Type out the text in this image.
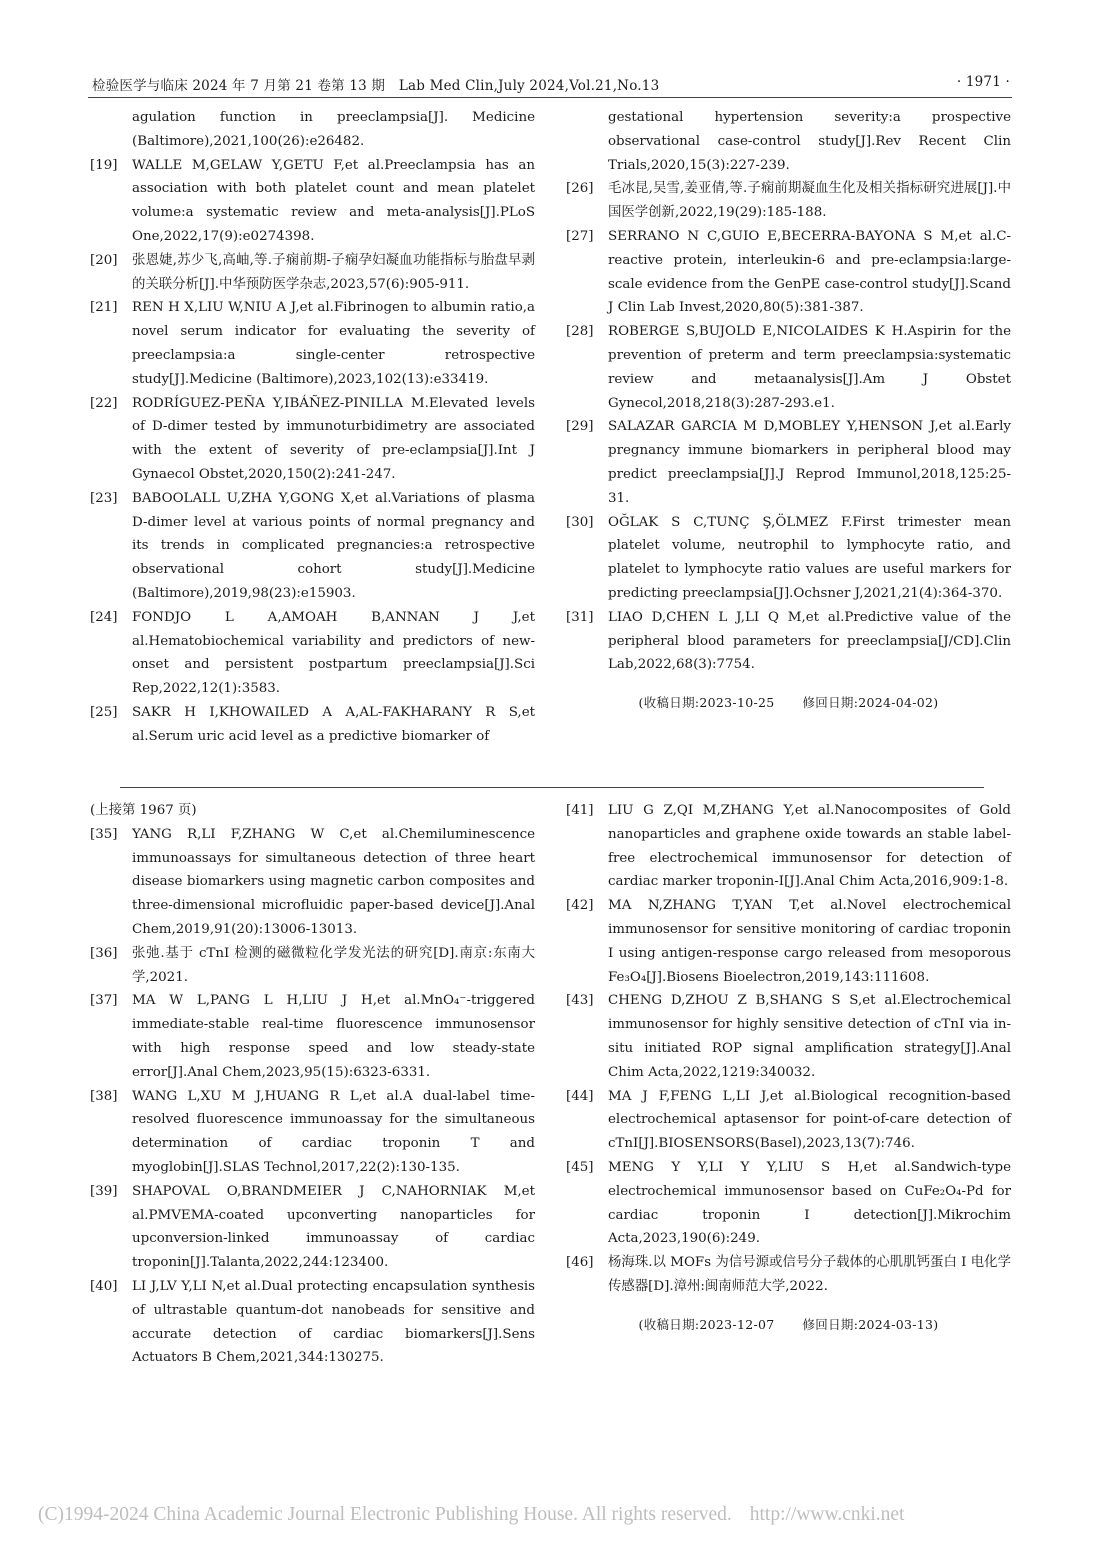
检验医学与临床 2024 年 7 月第 21 卷第 13 期　Lab Med Clin,July 2024,Vol.21,No.13	· 1971 ·
agulation function in preeclampsia[J]. Medicine (Baltimore),2021,100(26):e26482.
[19] WALLE M,GELAW Y,GETU F,et al.Preeclampsia has an association with both platelet count and mean platelet volume:a systematic review and meta-analysis[J].PLoS One,2022,17(9):e0274398.
[20] 张恩婕,苏少飞,高岫,等.子痫前期-子痫孕妇凝血功能指标与胎盘早剥的关联分析[J].中华预防医学杂志,2023,57(6):905-911.
[21] REN H X,LIU W,NIU A J,et al.Fibrinogen to albumin ratio,a novel serum indicator for evaluating the severity of preeclampsia:a single-center retrospective study[J].Medicine (Baltimore),2023,102(13):e33419.
[22] RODRÍGUEZ-PEÑA Y,IBÁÑEZ-PINILLA M.Elevated levels of D-dimer tested by immunoturbidimetry are associated with the extent of severity of pre-eclampsia[J].Int J Gynaecol Obstet,2020,150(2):241-247.
[23] BABOOLALL U,ZHA Y,GONG X,et al.Variations of plasma D-dimer level at various points of normal pregnancy and its trends in complicated pregnancies:a retrospective observational cohort study[J].Medicine (Baltimore),2019,98(23):e15903.
[24] FONDJO L A,AMOAH B,ANNAN J J,et al.Hematobiochemical variability and predictors of new-onset and persistent postpartum preeclampsia[J].Sci Rep,2022,12(1):3583.
[25] SAKR H I,KHOWAILED A A,AL-FAKHARANY R S,et al.Serum uric acid level as a predictive biomarker of
gestational hypertension severity:a prospective observational case-control study[J].Rev Recent Clin Trials,2020,15(3):227-239.
[26] 毛冰昆,吴雪,姜亚倩,等.子痫前期凝血生化及相关指标研究进展[J].中国医学创新,2022,19(29):185-188.
[27] SERRANO N C,GUIO E,BECERRA-BAYONA S M,et al.C-reactive protein, interleukin-6 and pre-eclampsia:large-scale evidence from the GenPE case-control study[J].Scand J Clin Lab Invest,2020,80(5):381-387.
[28] ROBERGE S,BUJOLD E,NICOLAIDES K H.Aspirin for the prevention of preterm and term preeclampsia:systematic review and metaanalysis[J].Am J Obstet Gynecol,2018,218(3):287-293.e1.
[29] SALAZAR GARCIA M D,MOBLEY Y,HENSON J,et al.Early pregnancy immune biomarkers in peripheral blood may predict preeclampsia[J].J Reprod Immunol,2018,125:25-31.
[30] OĞLAK S C,TUNÇ Ş,ÖLMEZ F.First trimester mean platelet volume, neutrophil to lymphocyte ratio, and platelet to lymphocyte ratio values are useful markers for predicting preeclampsia[J].Ochsner J,2021,21(4):364-370.
[31] LIAO D,CHEN L J,LI Q M,et al.Predictive value of the peripheral blood parameters for preeclampsia[J/CD].Clin Lab,2022,68(3):7754.
(收稿日期:2023-10-25 修回日期:2024-04-02)
(上接第 1967 页)
[35] YANG R,LI F,ZHANG W C,et al.Chemiluminescence immunoassays for simultaneous detection of three heart disease biomarkers using magnetic carbon composites and three-dimensional microfluidic paper-based device[J].Anal Chem,2019,91(20):13006-13013.
[36] 张弛.基于 cTnI 检测的磁微粒化学发光法的研究[D].南京:东南大学,2021.
[37] MA W L,PANG L H,LIU J H,et al.MnO₄⁻-triggered immediate-stable real-time fluorescence immunosensor with high response speed and low steady-state error[J].Anal Chem,2023,95(15):6323-6331.
[38] WANG L,XU M J,HUANG R L,et al.A dual-label time-resolved fluorescence immunoassay for the simultaneous determination of cardiac troponin T and myoglobin[J].SLAS Technol,2017,22(2):130-135.
[39] SHAPOVAL O,BRANDMEIER J C,NAHORNIAK M,et al.PMVEMA-coated upconverting nanoparticles for upconversion-linked immunoassay of cardiac troponin[J].Talanta,2022,244:123400.
[40] LI J,LV Y,LI N,et al.Dual protecting encapsulation synthesis of ultrastable quantum-dot nanobeads for sensitive and accurate detection of cardiac biomarkers[J].Sens Actuators B Chem,2021,344:130275.
[41] LIU G Z,QI M,ZHANG Y,et al.Nanocomposites of Gold nanoparticles and graphene oxide towards an stable label-free electrochemical immunosensor for detection of cardiac marker troponin-I[J].Anal Chim Acta,2016,909:1-8.
[42] MA N,ZHANG T,YAN T,et al.Novel electrochemical immunosensor for sensitive monitoring of cardiac troponin I using antigen-response cargo released from mesoporous Fe₃O₄[J].Biosens Bioelectron,2019,143:111608.
[43] CHENG D,ZHOU Z B,SHANG S S,et al.Electrochemical immunosensor for highly sensitive detection of cTnI via in-situ initiated ROP signal amplification strategy[J].Anal Chim Acta,2022,1219:340032.
[44] MA J F,FENG L,LI J,et al.Biological recognition-based electrochemical aptasensor for point-of-care detection of cTnI[J].BIOSENSORS(Basel),2023,13(7):746.
[45] MENG Y Y,LI Y Y,LIU S H,et al.Sandwich-type electrochemical immunosensor based on CuFe₂O₄-Pd for cardiac troponin I detection[J].Mikrochim Acta,2023,190(6):249.
[46] 杨海珠.以 MOFs 为信号源或信号分子载体的心肌肌钙蛋白 I 电化学传感器[D].漳州:闽南师范大学,2022.
(收稿日期:2023-12-07 修回日期:2024-03-13)
(C)1994-2024 China Academic Journal Electronic Publishing House. All rights reserved. http://www.cnki.net
